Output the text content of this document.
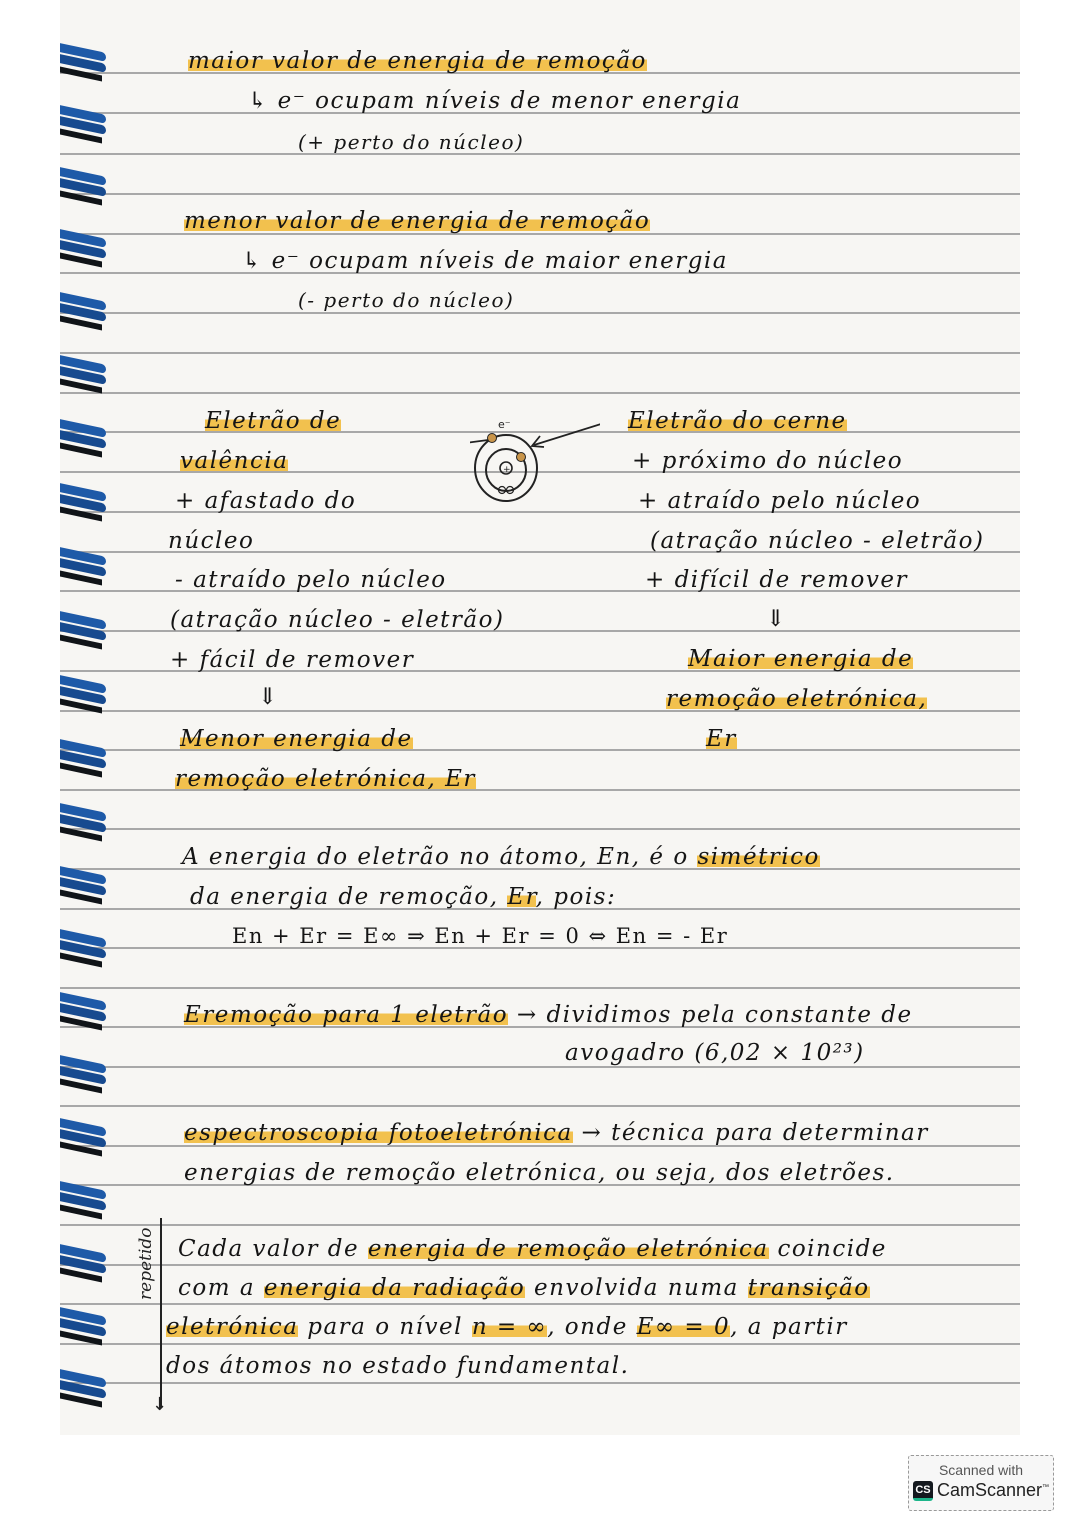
maior valor de energia de remoção
↳ e⁻ ocupam níveis de menor energia
(+ perto do núcleo)
menor valor de energia de remoção
↳ e⁻ ocupam níveis de maior energia
(- perto do núcleo)
Eletrão de
valência
+ afastado do
núcleo
- atraído pelo núcleo
(atração núcleo - eletrão)
+ fácil de remover
⇓
Menor energia de
remoção eletrónica, Er
+
e⁻	Eletrão do cerne
+ próximo do núcleo
+ atraído pelo núcleo
(atração núcleo - eletrão)
+ difícil de remover
⇓
Maior energia de
remoção eletrónica,
Er
A energia do eletrão no átomo, En, é o simétrico
da energia de remoção, Er, pois:
En + Er = E∞ ⇒ En + Er = 0 ⇔ En = - Er
Eremoção para 1 eletrão → dividimos pela constante de
avogadro (6,02 × 10²³)
espectroscopia fotoeletrónica → técnica para determinar
energias de remoção eletrónica, ou seja, dos eletrões.
repetido
↓
Cada valor de energia de remoção eletrónica coincide
com a energia da radiação envolvida numa transição
eletrónica para o nível n = ∞, onde E∞ = 0, a partir
dos átomos no estado fundamental.
Scanned with
CS CamScanner™
